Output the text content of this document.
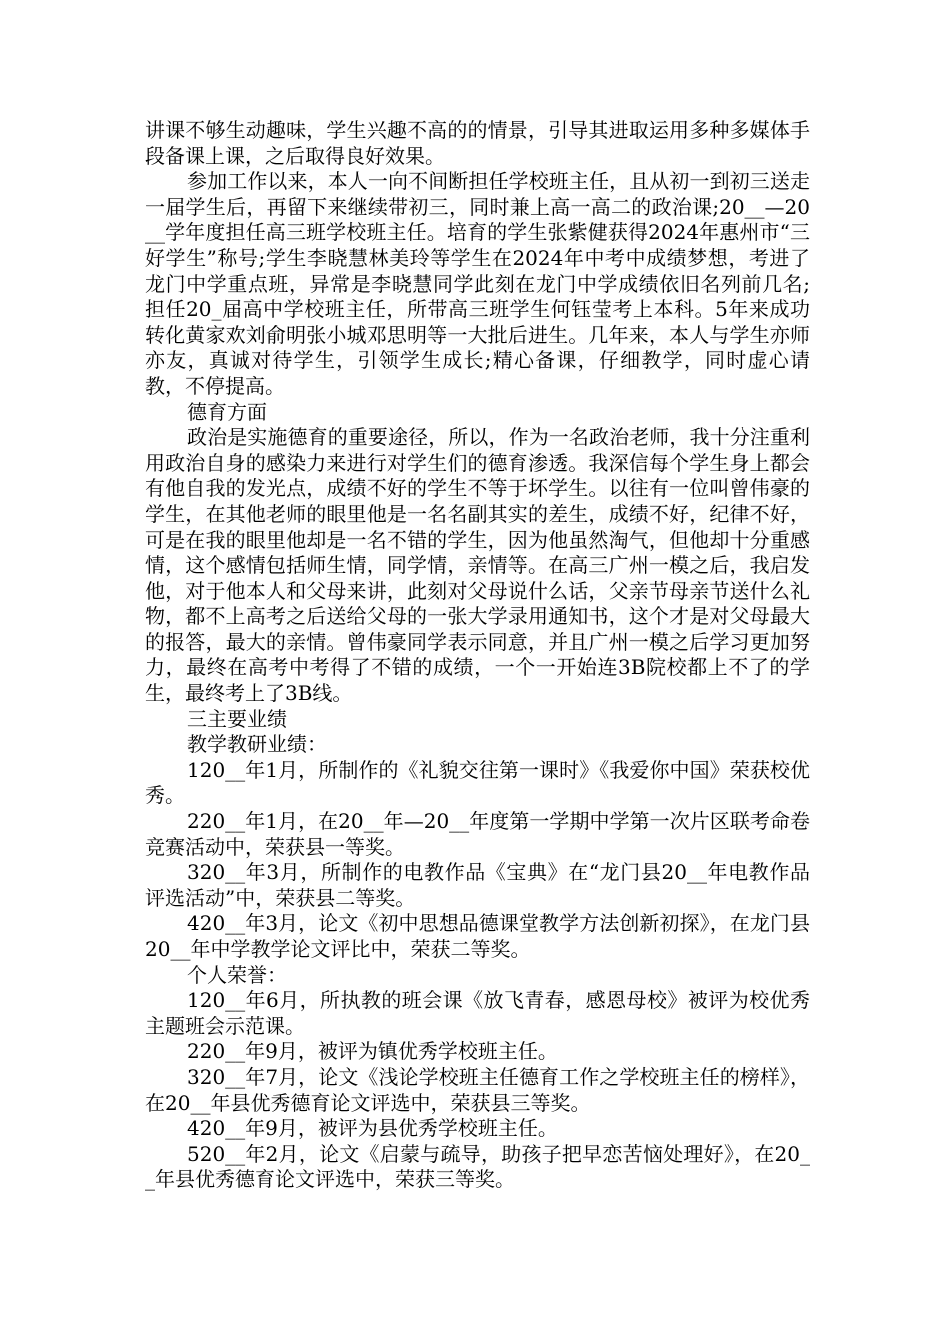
讲课不够生动趣味，学生兴趣不高的的情景，引导其进取运用多种多媒体手段备课上课，之后取得良好效果。

参加工作以来，本人一向不间断担任学校班主任，且从初一到初三送走一届学生后，再留下来继续带初三，同时兼上高一高二的政治课;20__—20__学年度担任高三班学校班主任。培育的学生张紫健获得2024年惠州市“三好学生”称号;学生李晓慧林美玲等学生在2024年中考中成绩梦想，考进了龙门中学重点班，异常是李晓慧同学此刻在龙门中学成绩依旧名列前几名;担任20_届高中学校班主任，所带高三班学生何钰莹考上本科。5年来成功转化黄家欢刘俞明张小城邓思明等一大批后进生。几年来，本人与学生亦师亦友，真诚对待学生，引领学生成长;精心备课，仔细教学，同时虚心请教，不停提高。

德育方面

政治是实施德育的重要途径，所以，作为一名政治老师，我十分注重利用政治自身的感染力来进行对学生们的德育渗透。我深信每个学生身上都会有他自我的发光点，成绩不好的学生不等于坏学生。以往有一位叫曾伟豪的学生，在其他老师的眼里他是一名名副其实的差生，成绩不好，纪律不好，可是在我的眼里他却是一名不错的学生，因为他虽然淘气，但他却十分重感情，这个感情包括师生情，同学情，亲情等。在高三广州一模之后，我启发他，对于他本人和父母来讲，此刻对父母说什么话，父亲节母亲节送什么礼物，都不上高考之后送给父母的一张大学录用通知书，这个才是对父母最大的报答，最大的亲情。曾伟豪同学表示同意，并且广州一模之后学习更加努力，最终在高考中考得了不错的成绩，一个一开始连3B院校都上不了的学生，最终考上了3B线。

三主要业绩

教学教研业绩：

120__年1月，所制作的《礼貌交往第一课时》《我爱你中国》荣获校优秀。

220__年1月，在20__年—20__年度第一学期中学第一次片区联考命卷竞赛活动中，荣获县一等奖。

320__年3月，所制作的电教作品《宝典》在“龙门县20__年电教作品评选活动”中，荣获县二等奖。

420__年3月，论文《初中思想品德课堂教学方法创新初探》，在龙门县20__年中学教学论文评比中，荣获二等奖。

个人荣誉：

120__年6月，所执教的班会课《放飞青春，感恩母校》被评为校优秀主题班会示范课。

220__年9月，被评为镇优秀学校班主任。

320__年7月，论文《浅论学校班主任德育工作之学校班主任的榜样》，在20__年县优秀德育论文评选中，荣获县三等奖。

420__年9月，被评为县优秀学校班主任。

520__年2月，论文《启蒙与疏导，助孩子把早恋苦恼处理好》，在20__年县优秀德育论文评选中，荣获三等奖。
